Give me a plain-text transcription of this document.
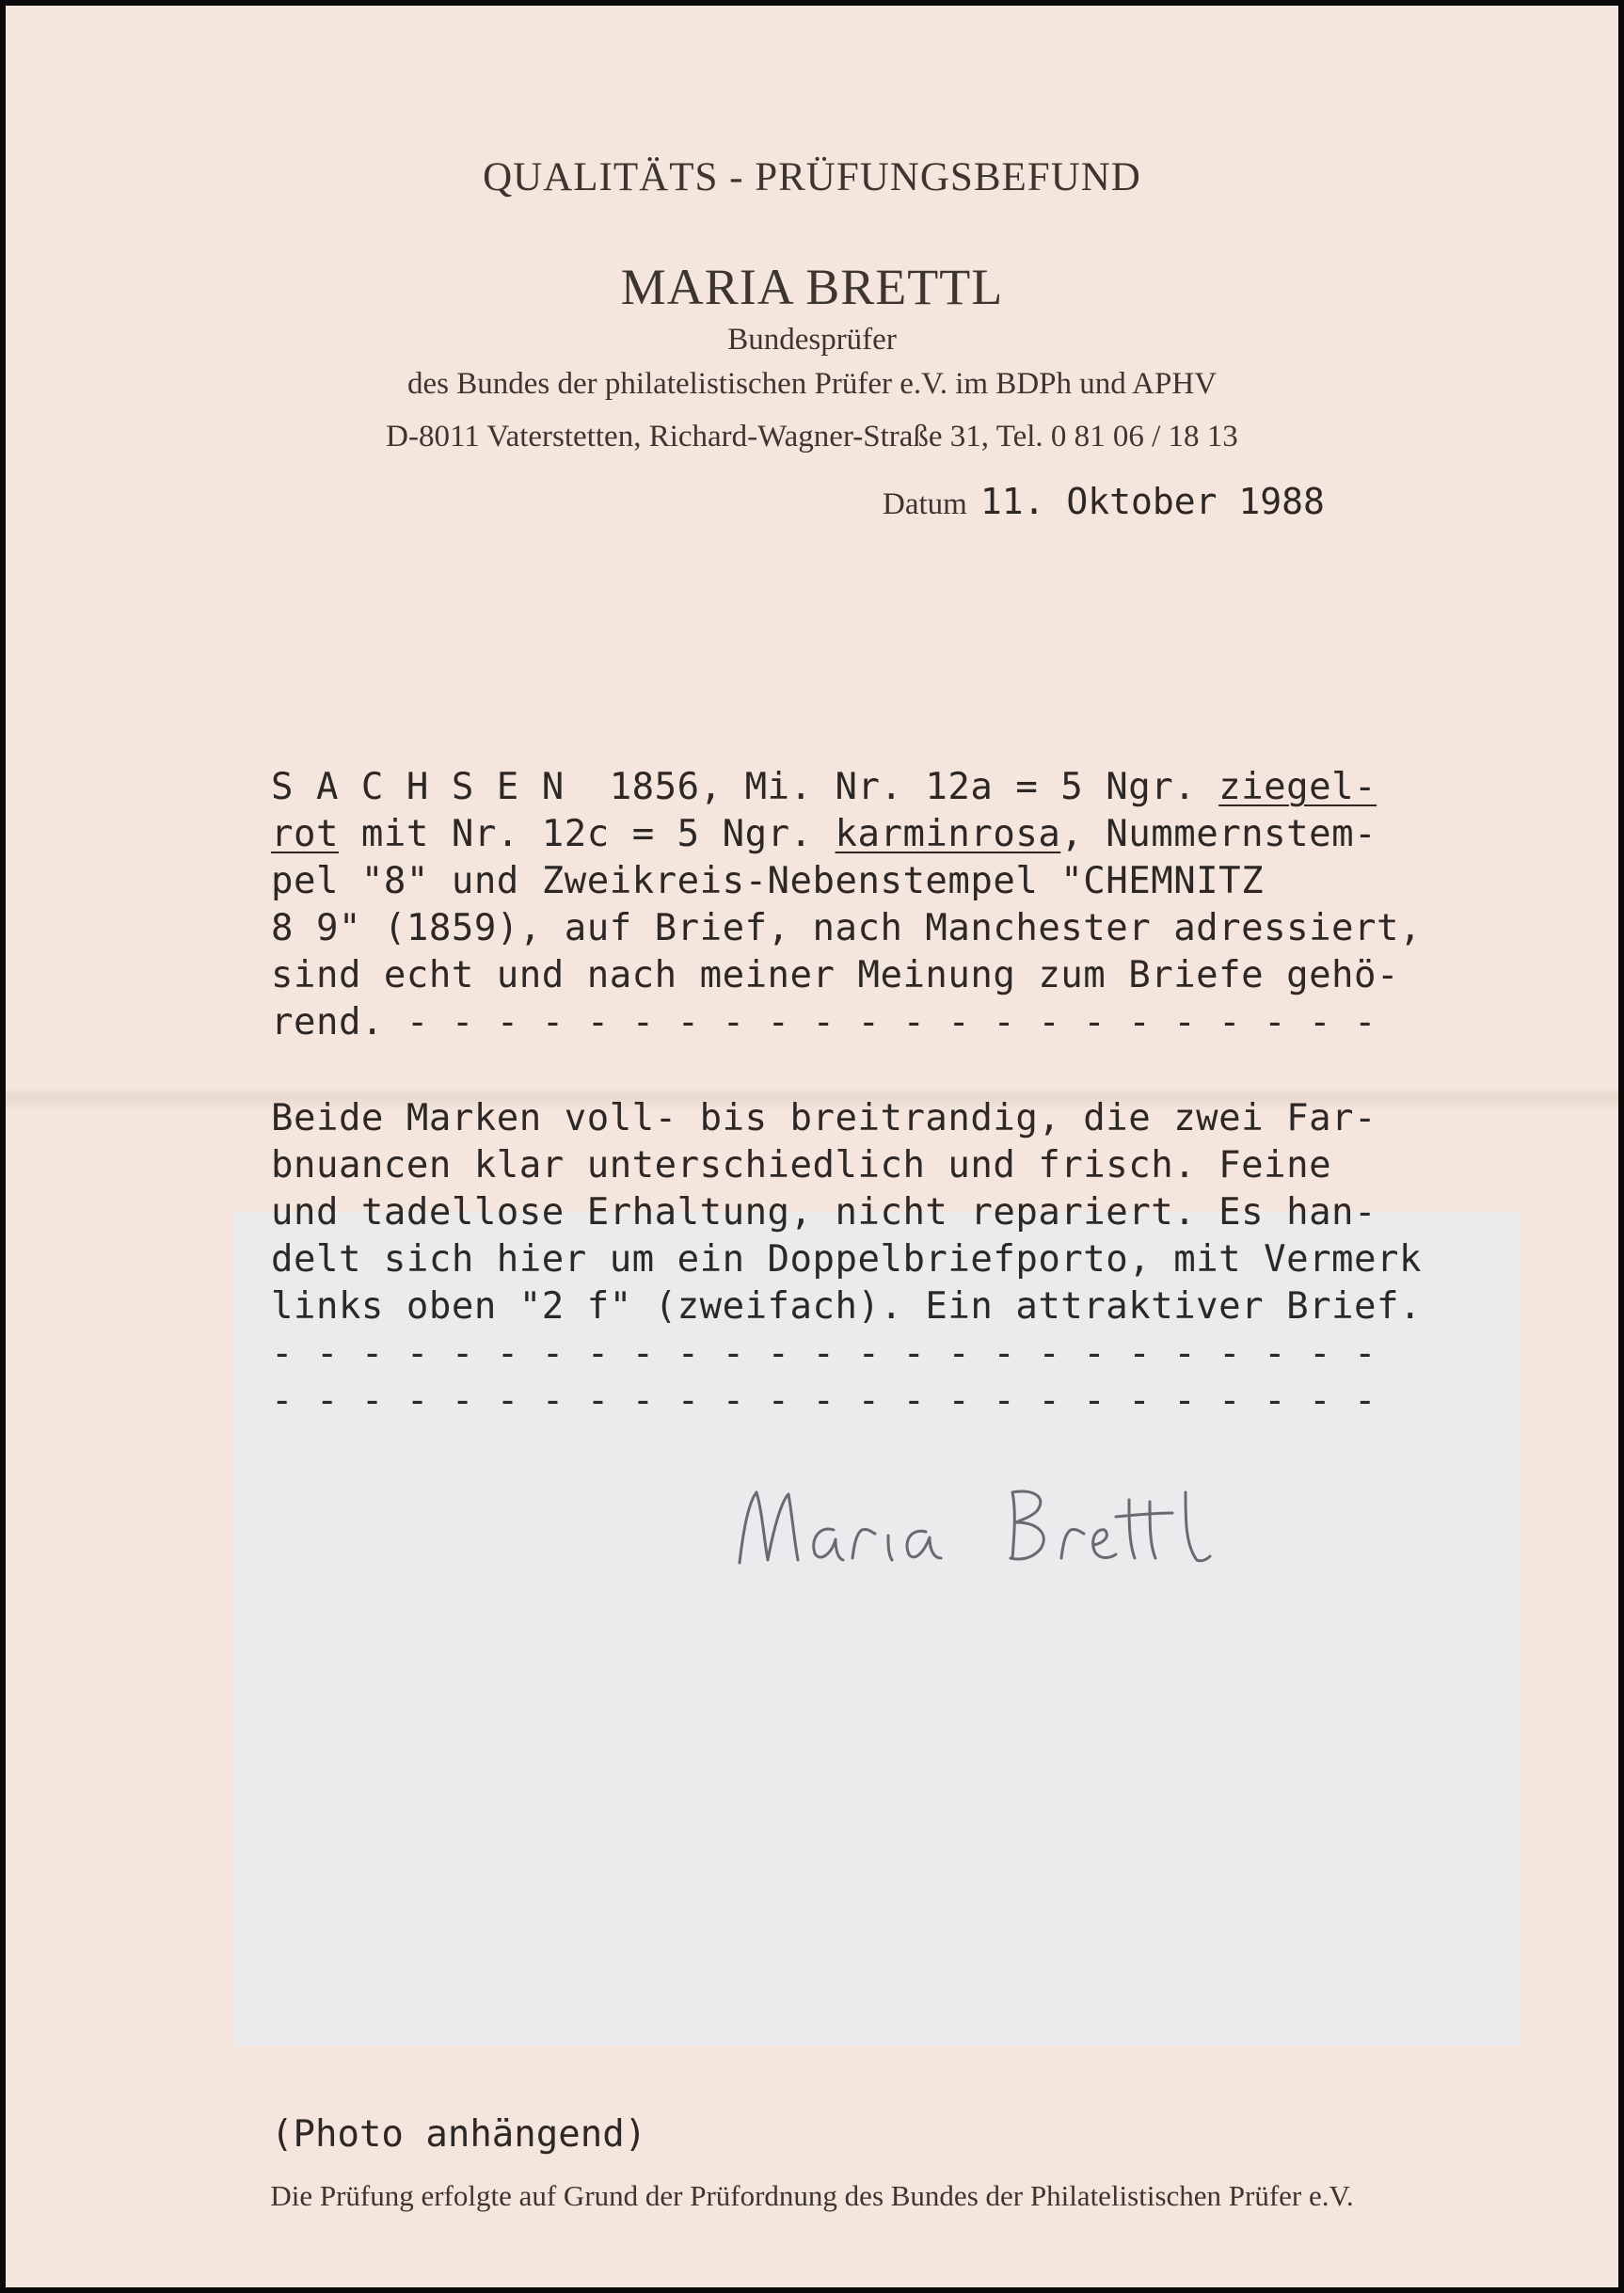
QUALITÄTS - PRÜFUNGSBEFUND
MARIA BRETTL
Bundesprüfer
des Bundes der philatelistischen Prüfer e.V. im BDPh und APHV
D-8011 Vaterstetten, Richard-Wagner-Straße 31, Tel. 0 81 06 / 18 13
Datum 11. Oktober 1988
S A C H S E N  1856, Mi. Nr. 12a = 5 Ngr. ziegel-
rot mit Nr. 12c = 5 Ngr. karminrosa, Nummernstem-
pel "8" und Zweikreis-Nebenstempel "CHEMNITZ
8 9" (1859), auf Brief, nach Manchester adressiert,
sind echt und nach meiner Meinung zum Briefe gehö-
rend. - - - - - - - - - - - - - - - - - - - - - -
Beide Marken voll- bis breitrandig, die zwei Far-
bnuancen klar unterschiedlich und frisch. Feine
und tadellose Erhaltung, nicht repariert. Es han-
delt sich hier um ein Doppelbriefporto, mit Vermerk
links oben "2 f" (zweifach). Ein attraktiver Brief.
- - - - - - - - - - - - - - - - - - - - - - - - -
- - - - - - - - - - - - - - - - - - - - - - - - -
(Photo anhängend)
Die Prüfung erfolgte auf Grund der Prüfordnung des Bundes der Philatelistischen Prüfer e.V.
